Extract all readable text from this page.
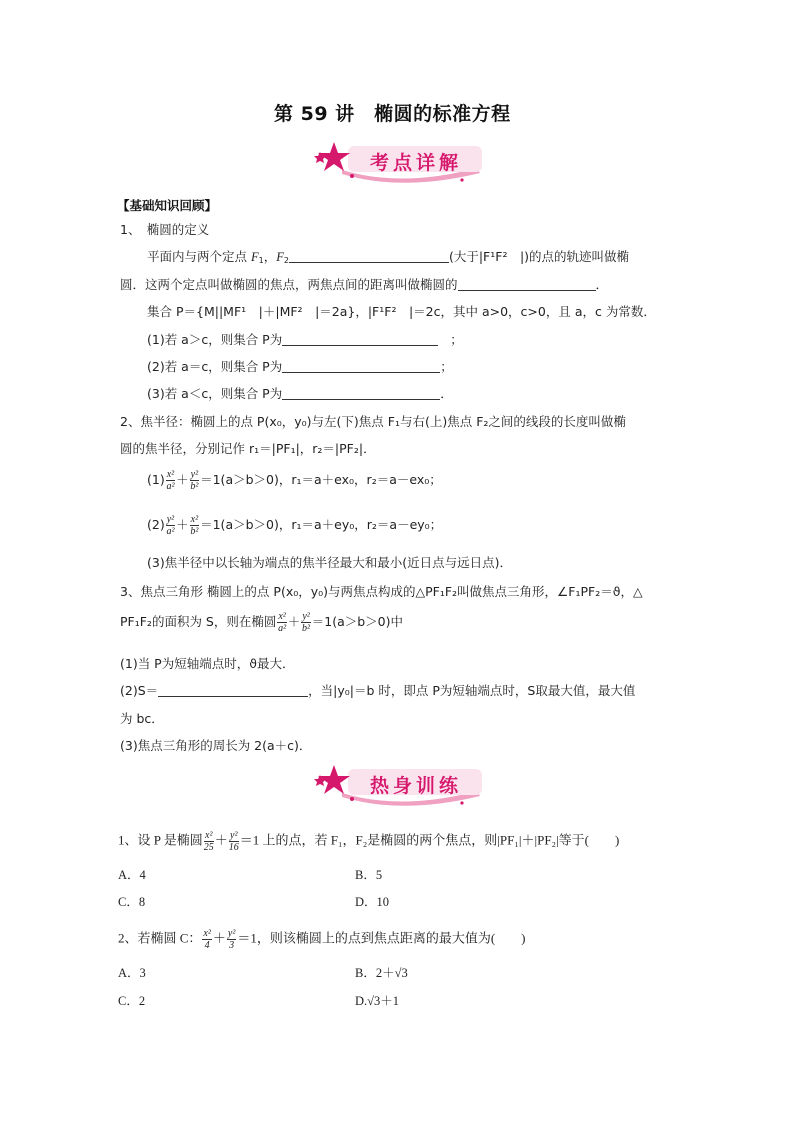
第 59 讲　椭圆的标准方程
考点详解
【基础知识回顾】
1、　椭圆的定义
平面内与两个定点 $F_1$，$F_2$	(大于|F¹F²　|)的点的轨迹叫做椭
圆．这两个定点叫做椭圆的焦点，两焦点间的距离叫做椭圆的	．
集合 P＝{M||MF¹　|＋|MF²　|＝2a}，|F¹F²　|＝2c，其中 a>0，c>0，且 a，c 为常数．
(1)若 a＞c，则集合 P为	；
(2)若 a＝c，则集合 P为	；
(3)若 a＜c，则集合 P为	．
2、焦半径：椭圆上的点 P(x₀，y₀)与左(下)焦点 F₁与右(上)焦点 F₂之间的线段的长度叫做椭
圆的焦半径，分别记作 r₁＝|PF₁|，r₂＝|PF₂|．
$(1) \frac{\text{x²}}{\text{a²}} + \frac{\text{y²}}{\text{b²}} =1(a>b>0)$，r₁＝a＋ex₀，r₂＝a－ex₀；
$(2) \frac{\text{y²}}{\text{a²}} + \frac{\text{x²}}{\text{b²}} =1(a>b>0)$，r₁＝a＋ey₀，r₂＝a－ey₀；
(3)焦半径中以长轴为端点的焦半径最大和最小(近日点与远日点)．
3、焦点三角形 椭圆上的点 P(x₀，y₀)与两焦点构成的△PF₁F₂叫做焦点三角形，∠F₁PF₂＝ϑ，△
PF₁F₂的面积为 S，则在椭圆 $\frac{\text{x²}}{\text{a²}} + \frac{\text{y²}}{\text{b²}} =1(a>b>0)$中
(1)当 P为短轴端点时，ϑ最大．
(2)S＝	，当|y₀|＝b 时，即点 P为短轴端点时，S取最大值，最大值
为 bc．
(3)焦点三角形的周长为 2(a＋c)．
热身训练
1、设 P 是椭圆 $\frac{\text{x²}}{25} + \frac{\text{y²}}{16} =1$ 上的点，若 F₁，F₂是椭圆的两个焦点，则|PF₁|＋|PF₂|等于(　　)
A．4	B．5
C．8	D．10
2、若椭圆 C： $\frac{\text{x²}}{4} + \frac{\text{y²}}{3} =1$，则该椭圆上的点到焦点距离的最大值为(　　)
A．3	B．2＋√3
C．2	D.√3＋1
